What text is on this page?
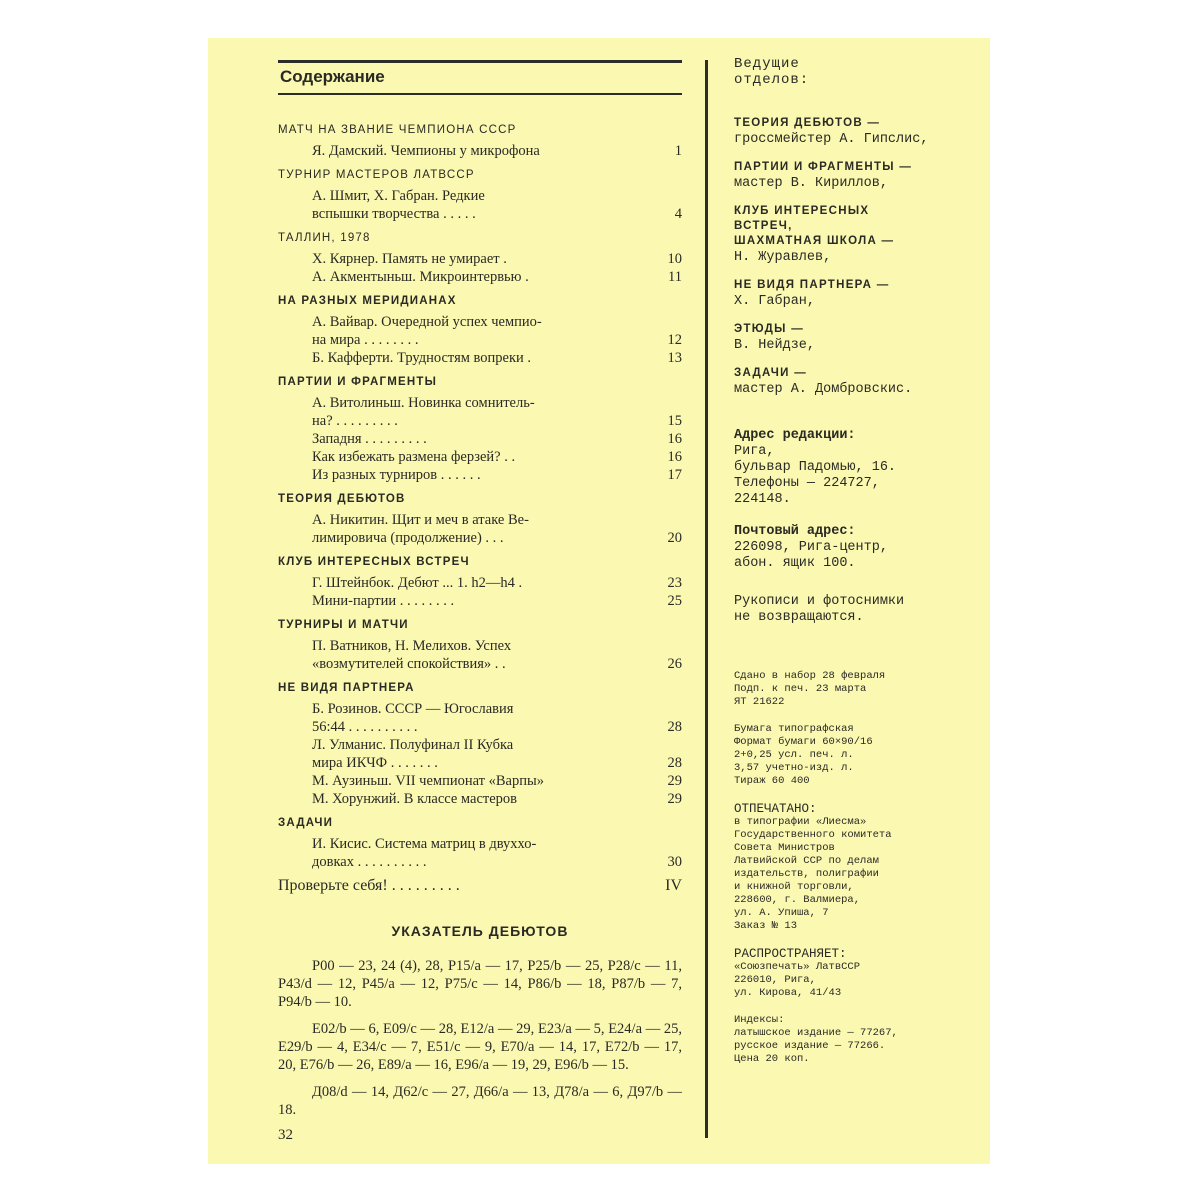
Содержание
МАТЧ НА ЗВАНИЕ ЧЕМПИОНА СССР
Я. Дамский. Чемпионы у микрофона	1
ТУРНИР МАСТЕРОВ ЛАТВССР
А. Шмит, Х. Габран. Редкие
вспышки творчества . . . . .	4
ТАЛЛИН, 1978
Х. Кярнер. Память не умирает .	10
А. Акментыньш. Микроинтервью .	11
НА РАЗНЫХ МЕРИДИАНАХ
А. Вайвар. Очередной успех чемпио-
на мира . . . . . . . .	12
Б. Кафферти. Трудностям вопреки .	13
ПАРТИИ И ФРАГМЕНТЫ
А. Витолиньш. Новинка сомнитель-
на? . . . . . . . . .	15
Западня . . . . . . . . .	16
Как избежать размена ферзей? . .	16
Из разных турниров . . . . . .	17
ТЕОРИЯ ДЕБЮТОВ
А. Никитин. Щит и меч в атаке Ве-
лимировича (продолжение) . . .	20
КЛУБ ИНТЕРЕСНЫХ ВСТРЕЧ
Г. Штейнбок. Дебют ... 1. h2—h4 .	23
Мини-партии . . . . . . . .	25
ТУРНИРЫ И МАТЧИ
П. Ватников, Н. Мелихов. Успех
«возмутителей спокойствия» . .	26
НЕ ВИДЯ ПАРТНЕРА
Б. Розинов. СССР — Югославия
56:44 . . . . . . . . . .	28
Л. Улманис. Полуфинал II Кубка
мира ИКЧФ . . . . . . .	28
М. Аузиньш. VII чемпионат «Варпы»	29
М. Хорунжий. В классе мастеров	29
ЗАДАЧИ
И. Кисис. Система матриц в двуххо-
довках . . . . . . . . . .	30
Проверьте себя! . . . . . . . . .	IV
УКАЗАТЕЛЬ ДЕБЮТОВ

Р00 — 23, 24 (4), 28, Р15/a — 17, Р25/b — 25, Р28/c — 11, Р43/d — 12, Р45/a — 12, Р75/c — 14, Р86/b — 18, Р87/b — 7, Р94/b — 10.

Е02/b — 6, Е09/c — 28, Е12/a — 29, Е23/a — 5, Е24/a — 25, Е29/b — 4, Е34/c — 7, Е51/c — 9, Е70/a — 14, 17, Е72/b — 17, 20, Е76/b — 26, Е89/a — 16, Е96/a — 19, 29, Е96/b — 15.

Д08/d — 14, Д62/c — 27, Д66/a — 13, Д78/a — 6, Д97/b — 18.

32
Ведущие
отделов:
ТЕОРИЯ ДЕБЮТОВ —
гроссмейстер А. Гипслис,
ПАРТИИ И ФРАГМЕНТЫ —
мастер В. Кириллов,
КЛУБ ИНТЕРЕСНЫХ
ВСТРЕЧ,
ШАХМАТНАЯ ШКОЛА —
Н. Журавлев,
НЕ ВИДЯ ПАРТНЕРА —
Х. Габран,
ЭТЮДЫ —
В. Нейдзе,
ЗАДАЧИ —
мастер А. Домбровскис.
Адрес редакции:
Рига,
бульвар Падомью, 16.
Телефоны — 224727,
224148.
Почтовый адрес:
226098, Рига-центр,
абон. ящик 100.
Рукописи и фотоснимки
не возвращаются.
Сдано в набор 28 февраля
Подп. к печ. 23 марта
ЯТ 21622
Бумага типографская
Формат бумаги 60×90/16
2+0,25 усл. печ. л.
3,57 учетно-изд. л.
Тираж 60 400
ОТПЕЧАТАНО:
в типографии «Лиесма»
Государственного комитета
Совета Министров
Латвийской ССР по делам
издательств, полиграфии
и книжной торговли,
228600, г. Валмиера,
ул. А. Упиша, 7
Заказ № 13
РАСПРОСТРАНЯЕТ:
«Союзпечать» ЛатвССР
226010, Рига,
ул. Кирова, 41/43
Индексы:
латышское издание — 77267,
русское издание — 77266.
Цена 20 коп.
